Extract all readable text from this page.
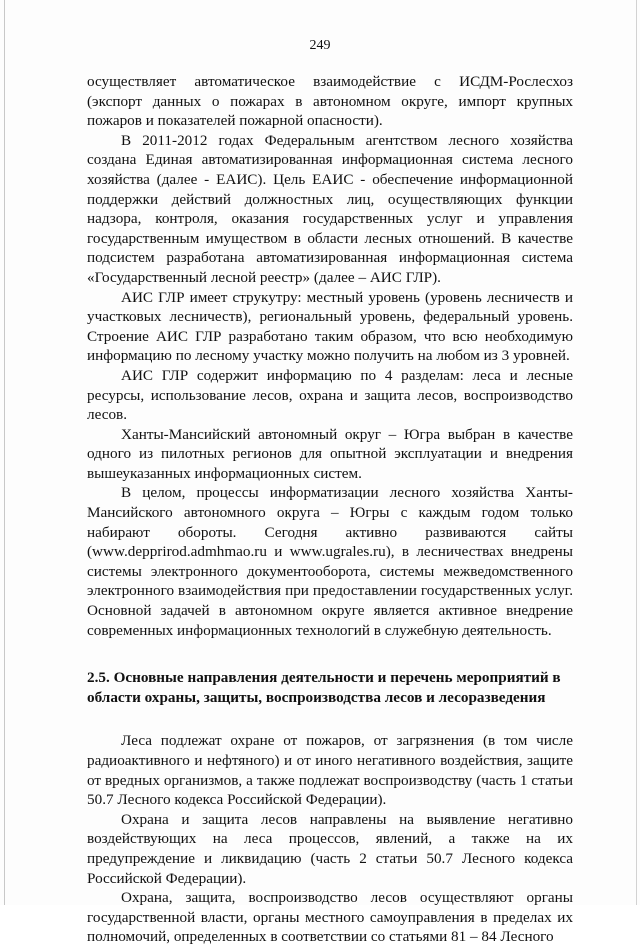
249

осуществляет автоматическое взаимодействие с ИСДМ-Рослесхоз (экспорт данных о пожарах в автономном округе, импорт крупных пожаров и показателей пожарной опасности).

В 2011-2012 годах Федеральным агентством лесного хозяйства создана Единая автоматизированная информационная система лесного хозяйства (далее - ЕАИС). Цель ЕАИС - обеспечение информационной поддержки действий должностных лиц, осуществляющих функции надзора, контроля, оказания государственных услуг и управления государственным имуществом в области лесных отношений. В качестве подсистем разработана автоматизированная информационная система «Государственный лесной реестр» (далее – АИС ГЛР).

АИС ГЛР имеет струкутру: местный уровень (уровень лесничеств и участковых лесничеств), региональный уровень, федеральный уровень. Строение АИС ГЛР разработано таким образом, что всю необходимую информацию по лесному участку можно получить на любом из 3 уровней.

АИС ГЛР содержит информацию по 4 разделам: леса и лесные ресурсы, использование лесов, охрана и защита лесов, воспроизводство лесов.

Ханты-Мансийский автономный округ – Югра выбран в качестве одного из пилотных регионов для опытной эксплуатации и внедрения вышеуказанных информационных систем.

В целом, процессы информатизации лесного хозяйства Ханты-Мансийского автономного округа – Югры с каждым годом только набирают обороты. Сегодня активно развиваются сайты (www.depprirod.admhmao.ru и www.ugrales.ru), в лесничествах внедрены системы электронного документооборота, системы межведомственного электронного взаимодействия при предоставлении государственных услуг. Основной задачей в автономном округе является активное внедрение современных информационных технологий в служебную деятельность.

2.5. Основные направления деятельности и перечень мероприятий в области охраны, защиты, воспроизводства лесов и лесоразведения

Леса подлежат охране от пожаров, от загрязнения (в том числе радиоактивного и нефтяного) и от иного негативного воздействия, защите от вредных организмов, а также подлежат воспроизводству (часть 1 статьи 50.7 Лесного кодекса Российской Федерации).

Охрана и защита лесов направлены на выявление негативно воздействующих на леса процессов, явлений, а также на их предупреждение и ликвидацию (часть 2 статьи 50.7 Лесного кодекса Российской Федерации).

Охрана, защита, воспроизводство лесов осуществляют органы государственной власти, органы местного самоуправления в пределах их полномочий, определенных в соответствии со статьями 81 – 84 Лесного
